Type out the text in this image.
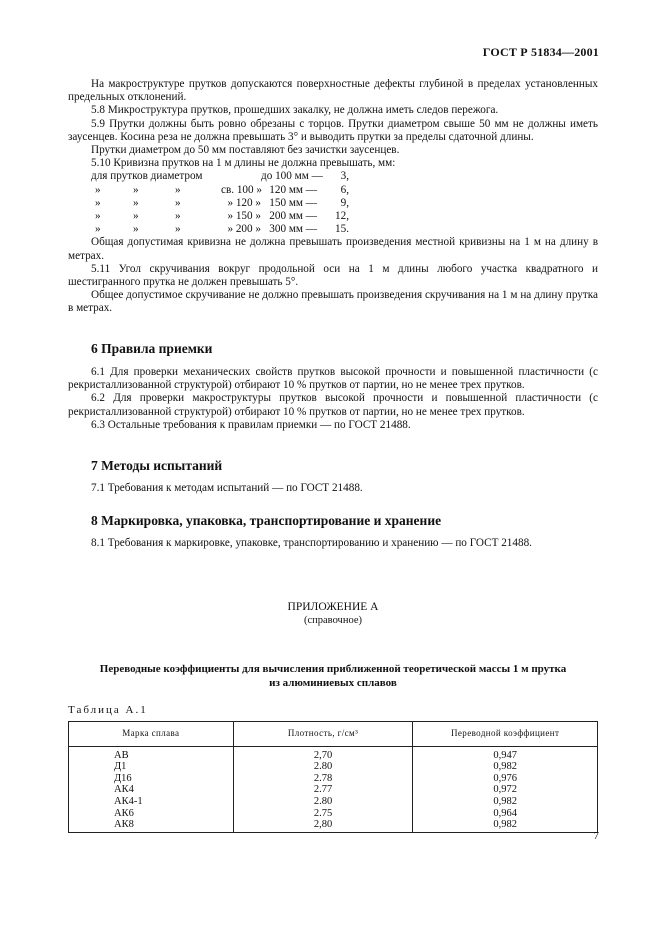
ГОСТ Р 51834—2001

На макроструктуре прутков допускаются поверхностные дефекты глубиной в пределах установленных предельных отклонений.

5.8 Микроструктура прутков, прошедших закалку, не должна иметь следов пережога.

5.9 Прутки должны быть ровно обрезаны с торцов. Прутки диаметром свыше 50 мм не должны иметь заусенцев. Косина реза не должна превышать 3° и выводить прутки за пределы сдаточной длины.

Прутки диаметром до 50 мм поставляют без зачистки заусенцев.

5.10 Кривизна прутков на 1 м длины не должна превышать, мм:

для прутков диаметром	до 100 мм —	3,
»	»	»	св. 100 » 120 мм —	6,
»	»	»	» 120 » 150 мм —	9,
»	»	»	» 150 » 200 мм —	12,
»	»	»	» 200 » 300 мм —	15.

Общая допустимая кривизна не должна превышать произведения местной кривизны на 1 м на длину в метрах.

5.11 Угол скручивания вокруг продольной оси на 1 м длины любого участка квадратного и шестигранного прутка не должен превышать 5°.

Общее допустимое скручивание не должно превышать произведения скручивания на 1 м на длину прутка в метрах.

6 Правила приемки

6.1 Для проверки механических свойств прутков высокой прочности и повышенной пластичности (с рекристаллизованной структурой) отбирают 10 % прутков от партии, но не менее трех прутков.

6.2 Для проверки макроструктуры прутков высокой прочности и повышенной пластичности (с рекристаллизованной структурой) отбирают 10 % прутков от партии, но не менее трех прутков.

6.3 Остальные требования к правилам приемки — по ГОСТ 21488.

7 Методы испытаний

7.1 Требования к методам испытаний — по ГОСТ 21488.

8 Маркировка, упаковка, транспортирование и хранение

8.1 Требования к маркировке, упаковке, транспортированию и хранению — по ГОСТ 21488.

ПРИЛОЖЕНИЕ А
(справочное)
Переводные коэффициенты для вычисления приближенной теоретической массы 1 м прутка
из алюминиевых сплавов
Таблица А.1
Марка сплава	Плотность, г/см³	Переводной коэффициент
АВ	2,70	0,947
Д1	2.80	0,982
Д16	2.78	0,976
АК4	2.77	0,972
АК4-1	2.80	0,982
АК6	2.75	0,964
АК8	2,80	0,982
7
